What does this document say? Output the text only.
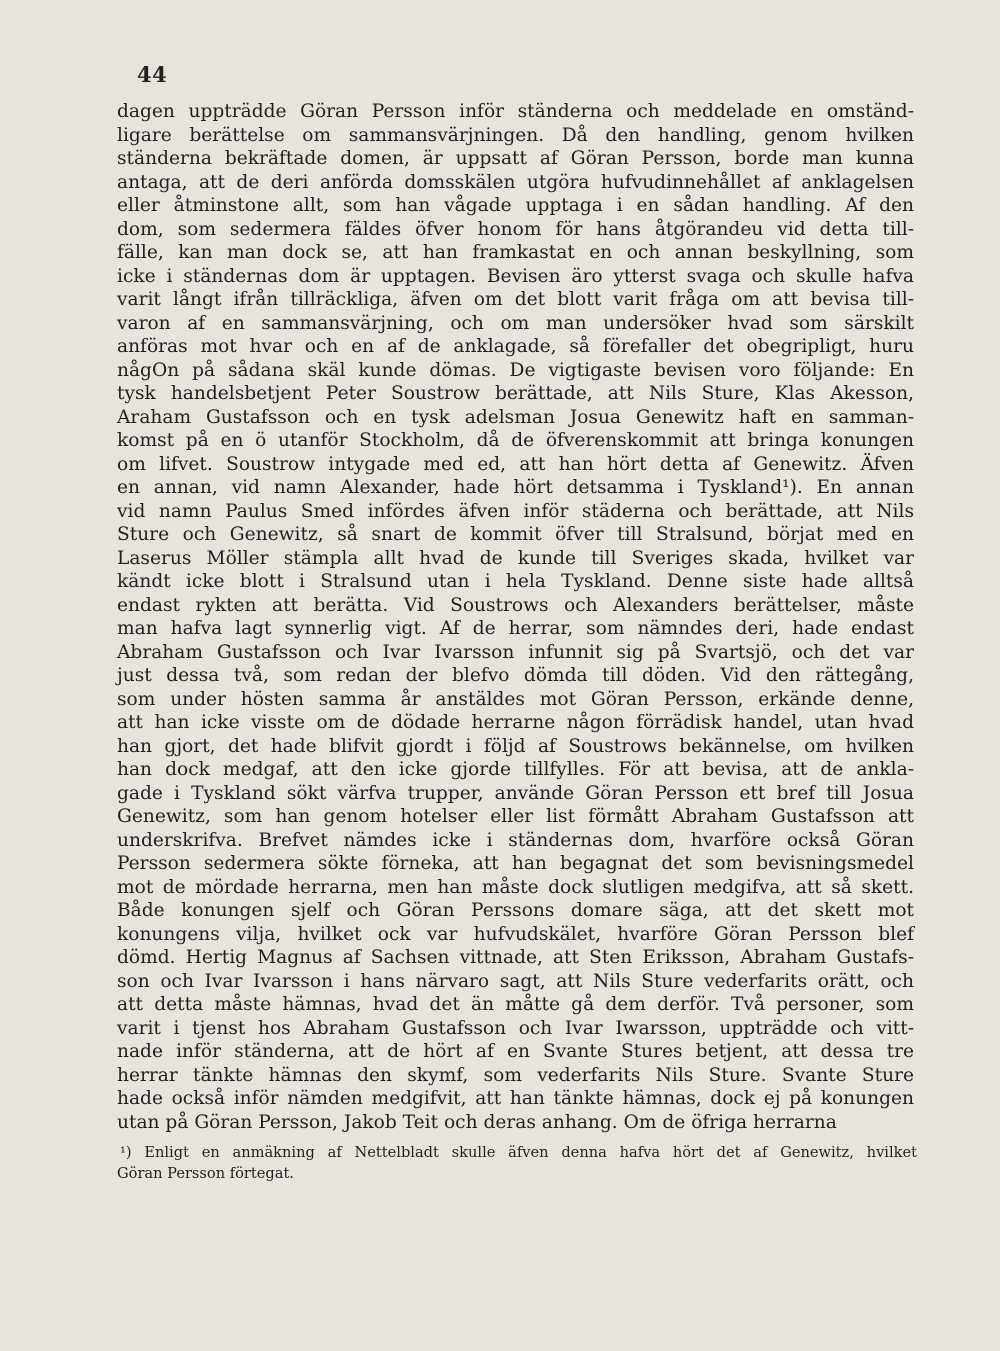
44
dagen uppträdde Göran Persson inför ständerna och meddelade en omständ-
ligare berättelse om sammansvärjningen. Då den handling, genom hvilken
ständerna bekräftade domen, är uppsatt af Göran Persson, borde man kunna
antaga, att de deri anförda domsskälen utgöra hufvudinnehållet af anklagelsen
eller åtminstone allt, som han vågade upptaga i en sådan handling. Af den
dom, som sedermera fäldes öfver honom för hans åtgörandeu vid detta till-
fälle, kan man dock se, att han framkastat en och annan beskyllning, som
icke i ständernas dom är upptagen. Bevisen äro ytterst svaga och skulle hafva
varit långt ifrån tillräckliga, äfven om det blott varit fråga om att bevisa till-
varon af en sammansvärjning, och om man undersöker hvad som särskilt
anföras mot hvar och en af de anklagade, så förefaller det obegripligt, huru
någOn på sådana skäl kunde dömas. De vigtigaste bevisen voro följande: En
tysk handelsbetjent Peter Soustrow berättade, att Nils Sture, Klas Akesson,
Araham Gustafsson och en tysk adelsman Josua Genewitz haft en samman-
komst på en ö utanför Stockholm, då de öfverenskommit att bringa konungen
om lifvet. Soustrow intygade med ed, att han hört detta af Genewitz. Äfven
en annan, vid namn Alexander, hade hört detsamma i Tyskland¹). En annan
vid namn Paulus Smed infördes äfven inför städerna och berättade, att Nils
Sture och Genewitz, så snart de kommit öfver till Stralsund, börjat med en
Laserus Möller stämpla allt hvad de kunde till Sveriges skada, hvilket var
kändt icke blott i Stralsund utan i hela Tyskland. Denne siste hade alltså
endast rykten att berätta. Vid Soustrows och Alexanders berättelser, måste
man hafva lagt synnerlig vigt. Af de herrar, som nämndes deri, hade endast
Abraham Gustafsson och Ivar Ivarsson infunnit sig på Svartsjö, och det var
just dessa två, som redan der blefvo dömda till döden. Vid den rättegång,
som under hösten samma år anstäldes mot Göran Persson, erkände denne,
att han icke visste om de dödade herrarne någon förrädisk handel, utan hvad
han gjort, det hade blifvit gjordt i följd af Soustrows bekännelse, om hvilken
han dock medgaf, att den icke gjorde tillfylles. För att bevisa, att de ankla-
gade i Tyskland sökt värfva trupper, använde Göran Persson ett bref till Josua
Genewitz, som han genom hotelser eller list förmått Abraham Gustafsson att
underskrifva. Brefvet nämdes icke i ständernas dom, hvarföre också Göran
Persson sedermera sökte förneka, att han begagnat det som bevisningsmedel
mot de mördade herrarna, men han måste dock slutligen medgifva, att så skett.
Både konungen sjelf och Göran Perssons domare säga, att det skett mot
konungens vilja, hvilket ock var hufvudskälet, hvarföre Göran Persson blef
dömd. Hertig Magnus af Sachsen vittnade, att Sten Eriksson, Abraham Gustafs-
son och Ivar Ivarsson i hans närvaro sagt, att Nils Sture vederfarits orätt, och
att detta måste hämnas, hvad det än måtte gå dem derför. Två personer, som
varit i tjenst hos Abraham Gustafsson och Ivar Iwarsson, uppträdde och vitt-
nade inför ständerna, att de hört af en Svante Stures betjent, att dessa tre
herrar tänkte hämnas den skymf, som vederfarits Nils Sture. Svante Sture
hade också inför nämden medgifvit, att han tänkte hämnas, dock ej på konungen
utan på Göran Persson, Jakob Teit och deras anhang. Om de öfriga herrarna
¹) Enligt en anmäkning af Nettelbladt skulle äfven denna hafva hört det af Genewitz, hvilket
Göran Persson förtegat.
